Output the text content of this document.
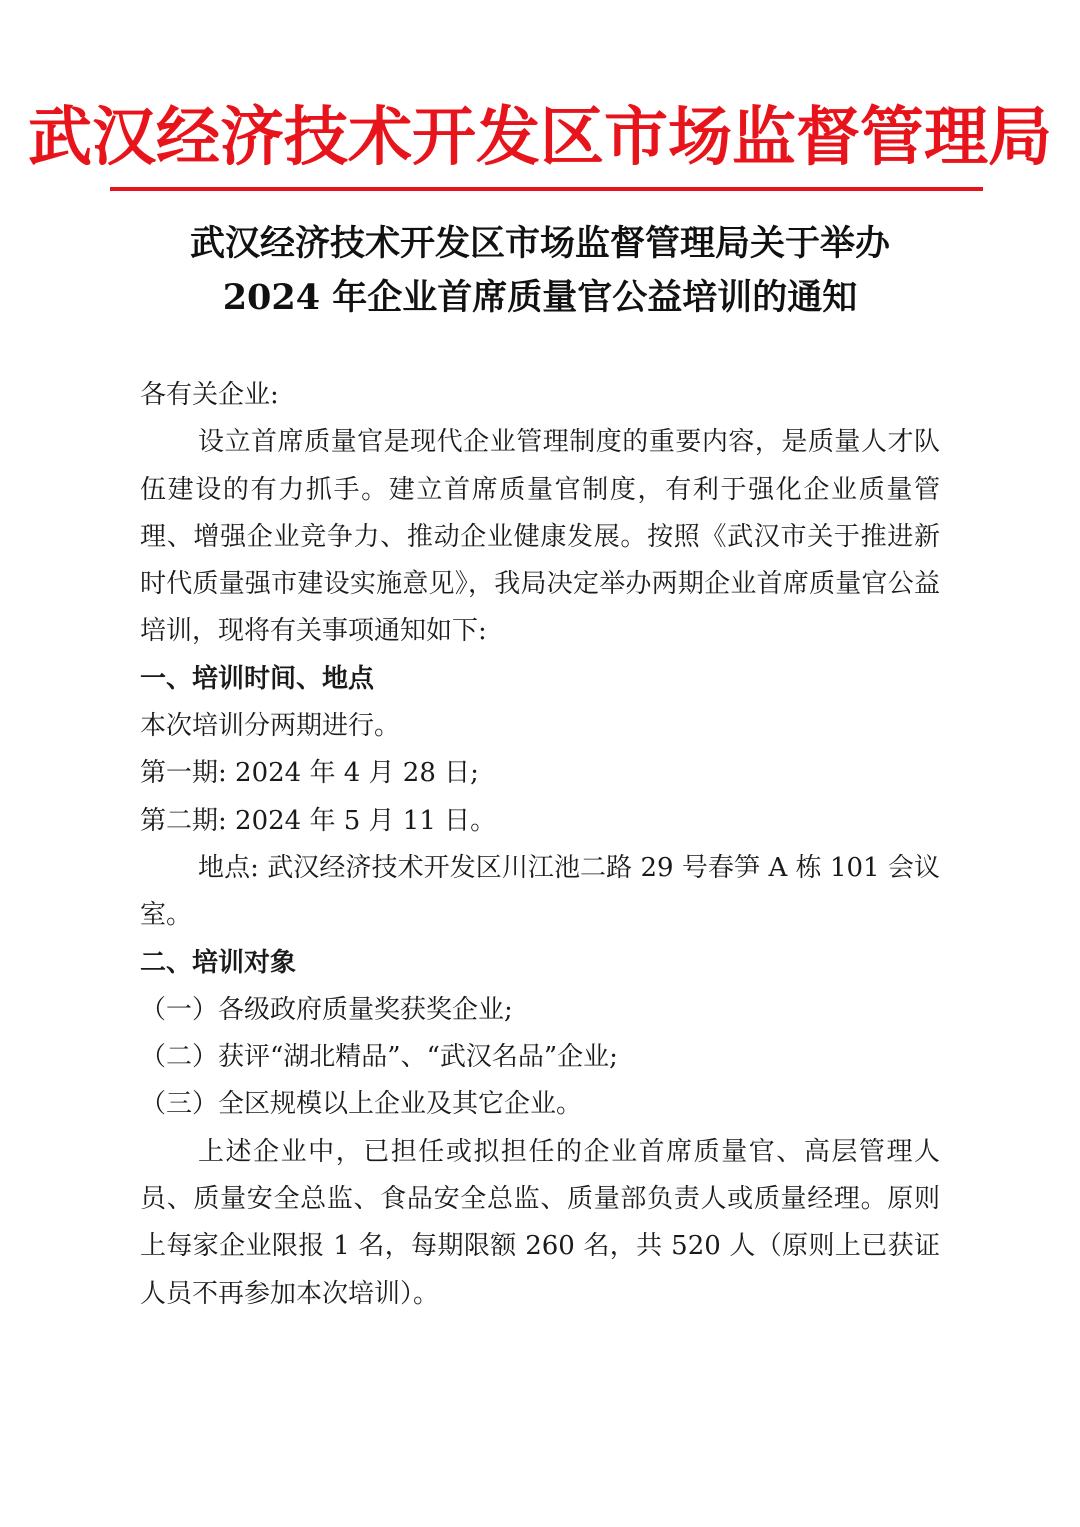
武汉经济技术开发区市场监督管理局
武汉经济技术开发区市场监督管理局关于举办
2024 年企业首席质量官公益培训的通知

各有关企业:

设立首席质量官是现代企业管理制度的重要内容，是质量人才队伍建设的有力抓手。建立首席质量官制度，有利于强化企业质量管理、增强企业竞争力、推动企业健康发展。按照《武汉市关于推进新时代质量强市建设实施意见》，我局决定举办两期企业首席质量官公益培训，现将有关事项通知如下:

一、培训时间、地点

本次培训分两期进行。

第一期: 2024 年 4 月 28 日;

第二期: 2024 年 5 月 11 日。

地点: 武汉经济技术开发区川江池二路 29 号春笋 A 栋 101 会议室。

二、培训对象

（一）各级政府质量奖获奖企业;

（二）获评“湖北精品”、“武汉名品”企业;

（三）全区规模以上企业及其它企业。

上述企业中，已担任或拟担任的企业首席质量官、高层管理人员、质量安全总监、食品安全总监、质量部负责人或质量经理。原则上每家企业限报 1 名，每期限额 260 名，共 520 人（原则上已获证人员不再参加本次培训）。
